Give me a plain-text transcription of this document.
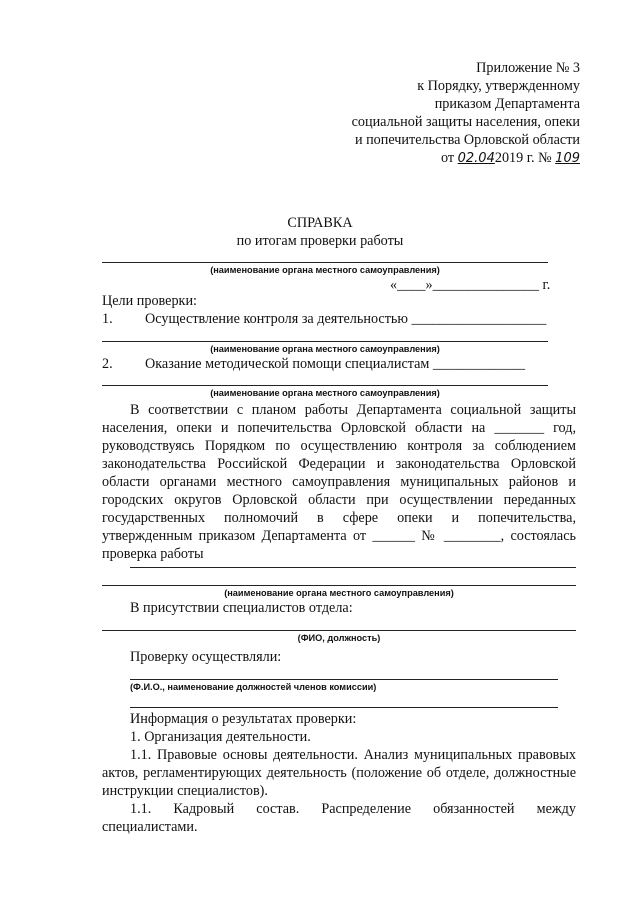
Приложение № 3
к Порядку, утвержденному
приказом Департамента
социальной защиты населения, опеки
и попечительства Орловской области
от 02.042019 г. № 109
СПРАВКА
по итогам проверки работы
(наименование органа местного самоуправления)
«____»_______________ г.
Цели проверки:
1. Осуществление контроля за деятельностью ___________________
(наименование органа местного самоуправления)
2. Оказание методической помощи специалистам _____________
(наименование органа местного самоуправления)
В соответствии с планом работы Департамента социальной защиты
населения, опеки и попечительства Орловской области на _______ год,
руководствуясь Порядком по осуществлению контроля за соблюдением
законодательства Российской Федерации и законодательства Орловской
области органами местного самоуправления муниципальных районов и
городских округов Орловской области при осуществлении переданных
государственных полномочий в сфере опеки и попечительства,
утвержденным приказом Департамента от ______ № ________, состоялась
проверка работы
(наименование органа местного самоуправления)
В присутствии специалистов отдела:
(ФИО, должность)
Проверку осуществляли:
(Ф.И.О., наименование должностей членов комиссии)
Информация о результатах проверки:
1. Организация деятельности.
1.1. Правовые основы деятельности. Анализ муниципальных правовых
актов, регламентирующих деятельность (положение об отделе, должностные
инструкции специалистов).
1.1. Кадровый состав. Распределение обязанностей между
специалистами.
